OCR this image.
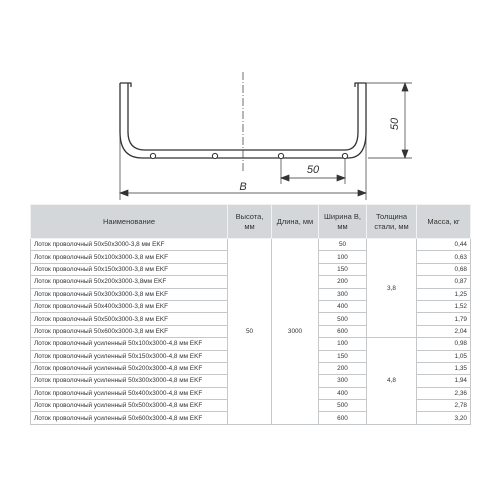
50
50
B
Наименование	Высота, мм	Длина, мм	Ширина В, мм	Толщина стали, мм	Масса, кг
Лоток проволочный 50х50х3000-3,8 мм EKF	50	3000	50	3,8	0,44
Лоток проволочный 50х100х3000-3,8 мм EKF			100		0,63
Лоток проволочный 50х150х3000-3,8 мм EKF			150		0,68
Лоток проволочный 50х200х3000-3,8мм EKF			200		0,87
Лоток проволочный 50х300х3000-3,8 мм EKF			300		1,25
Лоток проволочный 50х400х3000-3,8 мм EKF			400		1,52
Лоток проволочный 50х500х3000-3,8 мм EKF			500		1,79
Лоток проволочный 50х600х3000-3,8 мм EKF			600		2,04
Лоток проволочный усиленный 50х100х3000-4,8 мм EKF			100	4,8	0,98
Лоток проволочный усиленный 50х150х3000-4,8 мм EKF			150		1,05
Лоток проволочный усиленный 50х200х3000-4,8 мм EKF			200		1,35
Лоток проволочный усиленный 50х300х3000-4,8 мм EKF			300		1,94
Лоток проволочный усиленный 50х400х3000-4,8 мм EKF			400		2,36
Лоток проволочный усиленный 50х500х3000-4,8 мм EKF			500		2,78
Лоток проволочный усиленный 50х600х3000-4,8 мм EKF			600		3,20
